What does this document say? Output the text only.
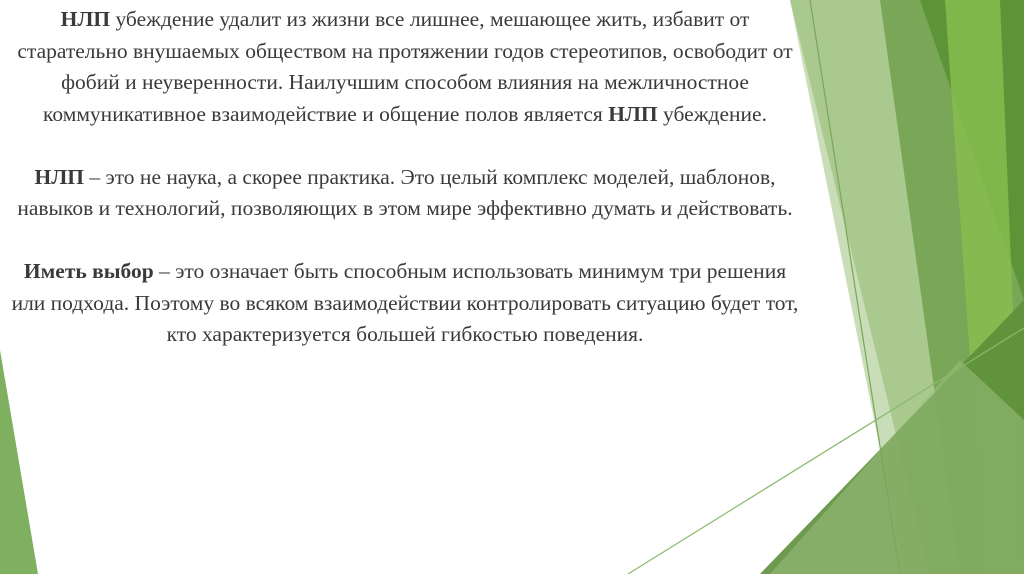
НЛП убеждение удалит из жизни все лишнее, мешающее жить, избавит от старательно внушаемых обществом на протяжении годов стереотипов, освободит от фобий и неуверенности. Наилучшим способом влияния на межличностное коммуникативное взаимодействие и общение полов является НЛП убеждение.

НЛП – это не наука, а скорее практика. Это целый комплекс моделей, шаблонов, навыков и технологий, позволяющих в этом мире эффективно думать и действовать.

Иметь выбор – это означает быть способным использовать минимум три решения или подхода. Поэтому во всяком взаимодействии контролировать ситуацию будет тот, кто характеризуется большей гибкостью поведения.
